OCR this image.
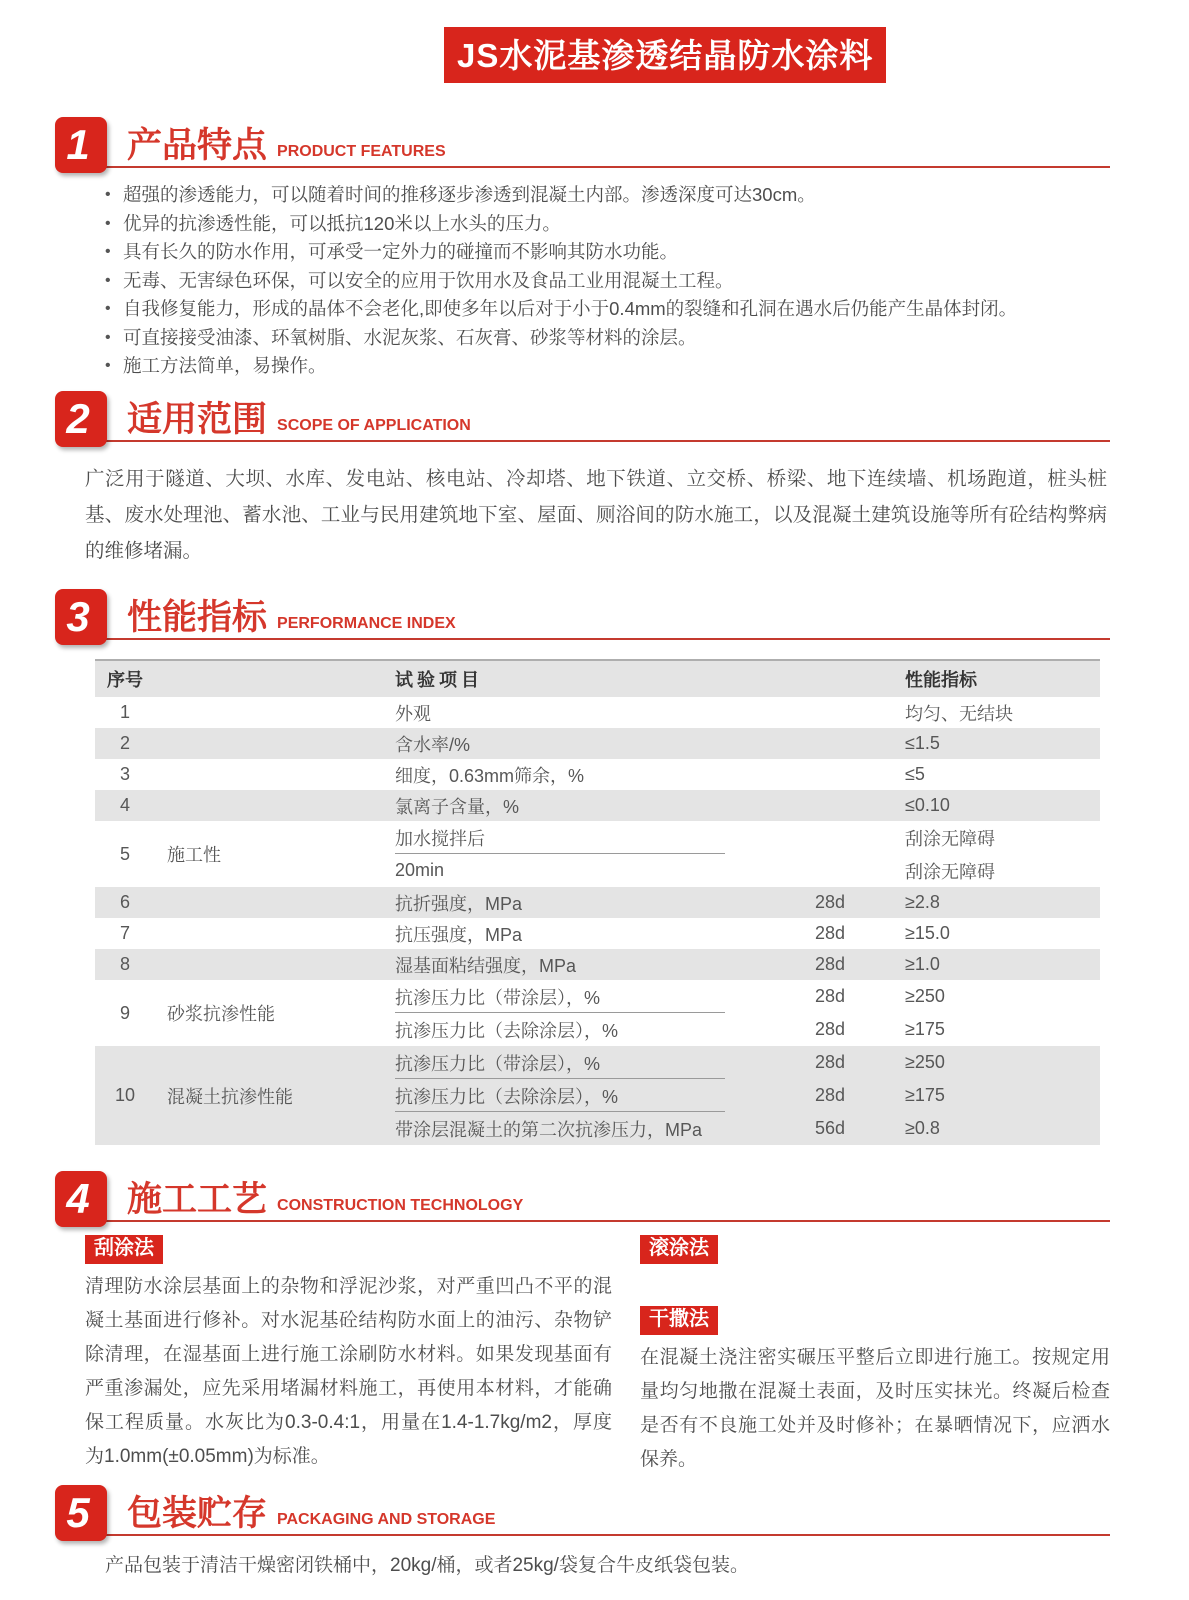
JS水泥基渗透结晶防水涂料
1	产品特点 PRODUCT FEATURES
• 超强的渗透能力，可以随着时间的推移逐步渗透到混凝土内部。渗透深度可达30cm。
• 优异的抗渗透性能，可以抵抗120米以上水头的压力。
• 具有长久的防水作用，可承受一定外力的碰撞而不影响其防水功能。
• 无毒、无害绿色环保，可以安全的应用于饮用水及食品工业用混凝土工程。
• 自我修复能力，形成的晶体不会老化,即使多年以后对于小于0.4mm的裂缝和孔洞在遇水后仍能产生晶体封闭。
• 可直接接受油漆、环氧树脂、水泥灰浆、石灰膏、砂浆等材料的涂层。
• 施工方法简单，易操作。
2	适用范围 SCOPE OF APPLICATION
广泛用于隧道、大坝、水库、发电站、核电站、冷却塔、地下铁道、立交桥、桥梁、地下连续墙、机场跑道，桩头桩基、废水处理池、蓄水池、工业与民用建筑地下室、屋面、厕浴间的防水施工，以及混凝土建筑设施等所有砼结构弊病的维修堵漏。
3	性能指标 PERFORMANCE INDEX
序号	试验项目	性能指标
1	外观	均匀、无结块
2	含水率/%	≤1.5
3	细度，0.63mm筛余，%	≤5
4	氯离子含量，%	≤0.10
5	施工性
加水搅拌后	刮涂无障碍
20min	刮涂无障碍
6	抗折强度，MPa	28d	≥2.8
7	抗压强度，MPa	28d	≥15.0
8	湿基面粘结强度，MPa	28d	≥1.0
9	砂浆抗渗性能
抗渗压力比（带涂层），%	28d	≥250
抗渗压力比（去除涂层），%	28d	≥175
10	混凝土抗渗性能
抗渗压力比（带涂层），%	28d	≥250
抗渗压力比（去除涂层），%	28d	≥175
带涂层混凝土的第二次抗渗压力，MPa	56d	≥0.8
4	施工工艺 CONSTRUCTION TECHNOLOGY
刮涂法
清理防水涂层基面上的杂物和浮泥沙浆，对严重凹凸不平的混凝土基面进行修补。对水泥基砼结构防水面上的油污、杂物铲除清理，在湿基面上进行施工涂刷防水材料。如果发现基面有严重渗漏处，应先采用堵漏材料施工，再使用本材料，才能确保工程质量。水灰比为0.3-0.4:1，用量在1.4-1.7kg/m2，厚度为1.0mm(±0.05mm)为标准。
滚涂法
干撒法
在混凝土浇注密实碾压平整后立即进行施工。按规定用量均匀地撒在混凝土表面，及时压实抹光。终凝后检查是否有不良施工处并及时修补；在暴晒情况下，应洒水保养。
5	包装贮存 PACKAGING AND STORAGE
产品包装于清洁干燥密闭铁桶中，20kg/桶，或者25kg/袋复合牛皮纸袋包装。
